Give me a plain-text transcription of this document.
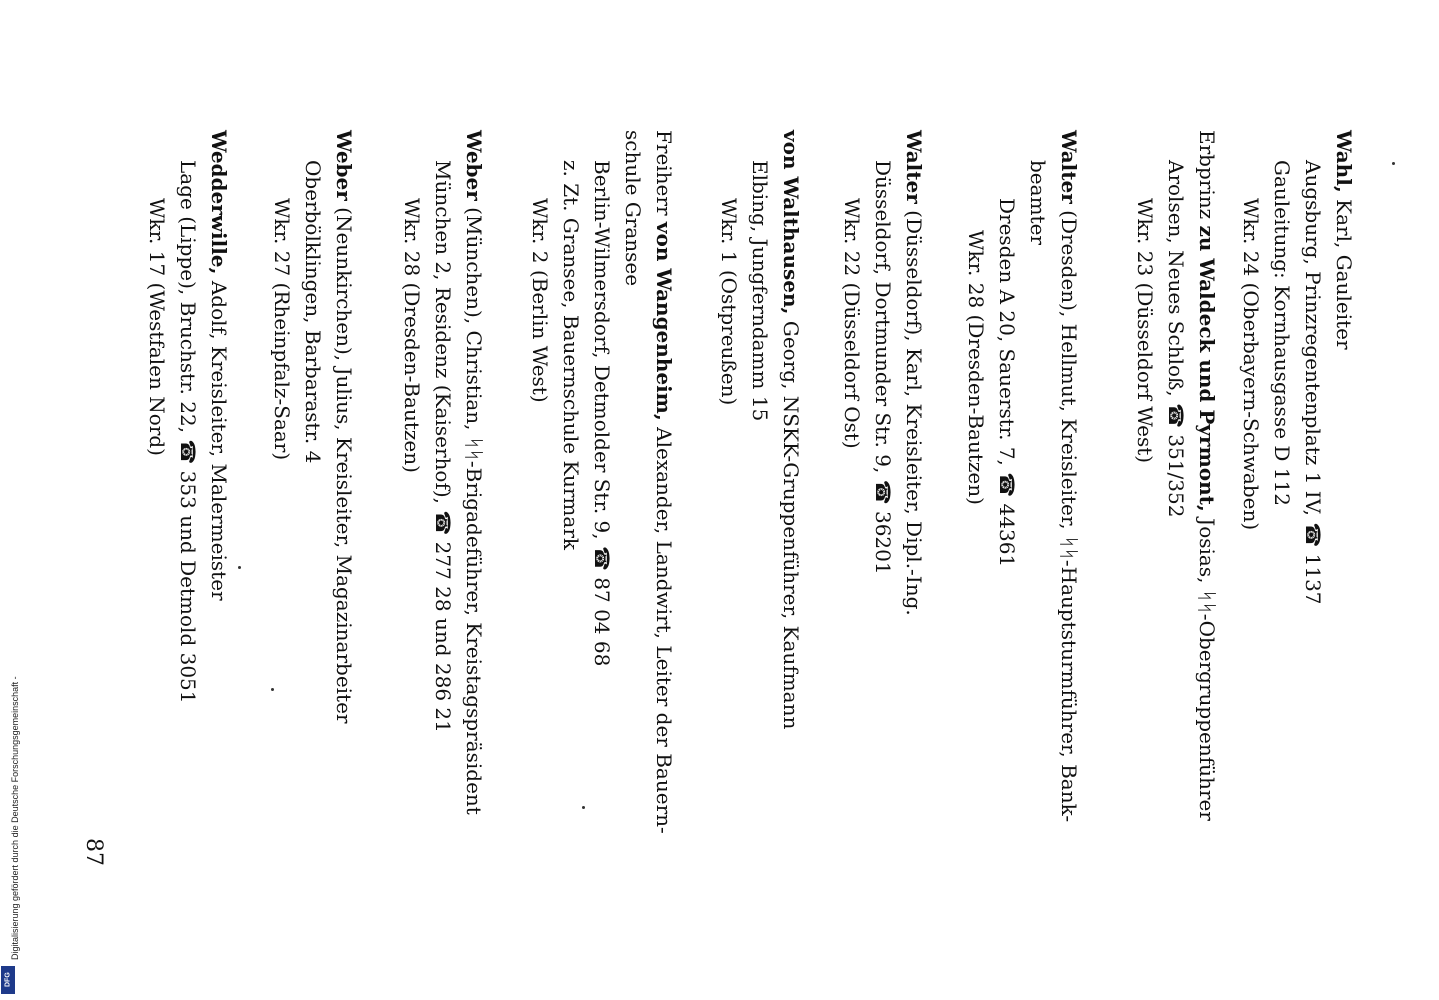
Digitalisierung gefördert durch die Deutsche Forschungsgemeinschaft -
DFG
Wahl, Karl, Gauleiter
Augsburg, Prinzregentenplatz 1 IV, ☎ 1137
Gauleitung: Kornhausgasse D 112
Wkr. 24 (Oberbayern-Schwaben)
Erbprinz zu Waldeck und Pyrmont, Josias, ᛋᛋ-Obergruppenführer
Arolsen, Neues Schloß, ☎ 351/352
Wkr. 23 (Düsseldorf West)
Walter (Dresden), Hellmut, Kreisleiter, ᛋᛋ-Hauptsturmführer, Bank-
beamter
Dresden A 20, Sauerstr. 7, ☎ 44361
Wkr. 28 (Dresden-Bautzen)
Walter (Düsseldorf), Karl, Kreisleiter, Dipl.-Ing.
Düsseldorf, Dortmunder Str. 9, ☎ 36201
Wkr. 22 (Düsseldorf Ost)
von Walthausen, Georg, NSKK-Gruppenführer, Kaufmann
Elbing, Jungferndamm 15
Wkr. 1 (Ostpreußen)
Freiherr von Wangenheim, Alexander, Landwirt, Leiter der Bauern-
schule Gransee
Berlin-Wilmersdorf, Detmolder Str. 9, ☎ 87 04 68
z. Zt. Gransee, Bauernschule Kurmark
Wkr. 2 (Berlin West)
Weber (München), Christian, ᛋᛋ-Brigadeführer, Kreistagspräsident
München 2, Residenz (Kaiserhof), ☎ 277 28 und 286 21
Wkr. 28 (Dresden-Bautzen)
Weber (Neunkirchen), Julius, Kreisleiter, Magazinarbeiter
Oberbölklingen, Barbarastr. 4
Wkr. 27 (Rheinpfalz-Saar)
Wedderwille, Adolf, Kreisleiter, Malermeister
Lage (Lippe), Bruchstr. 22, ☎ 353 und Detmold 3051
Wkr. 17 (Westfalen Nord)
87
